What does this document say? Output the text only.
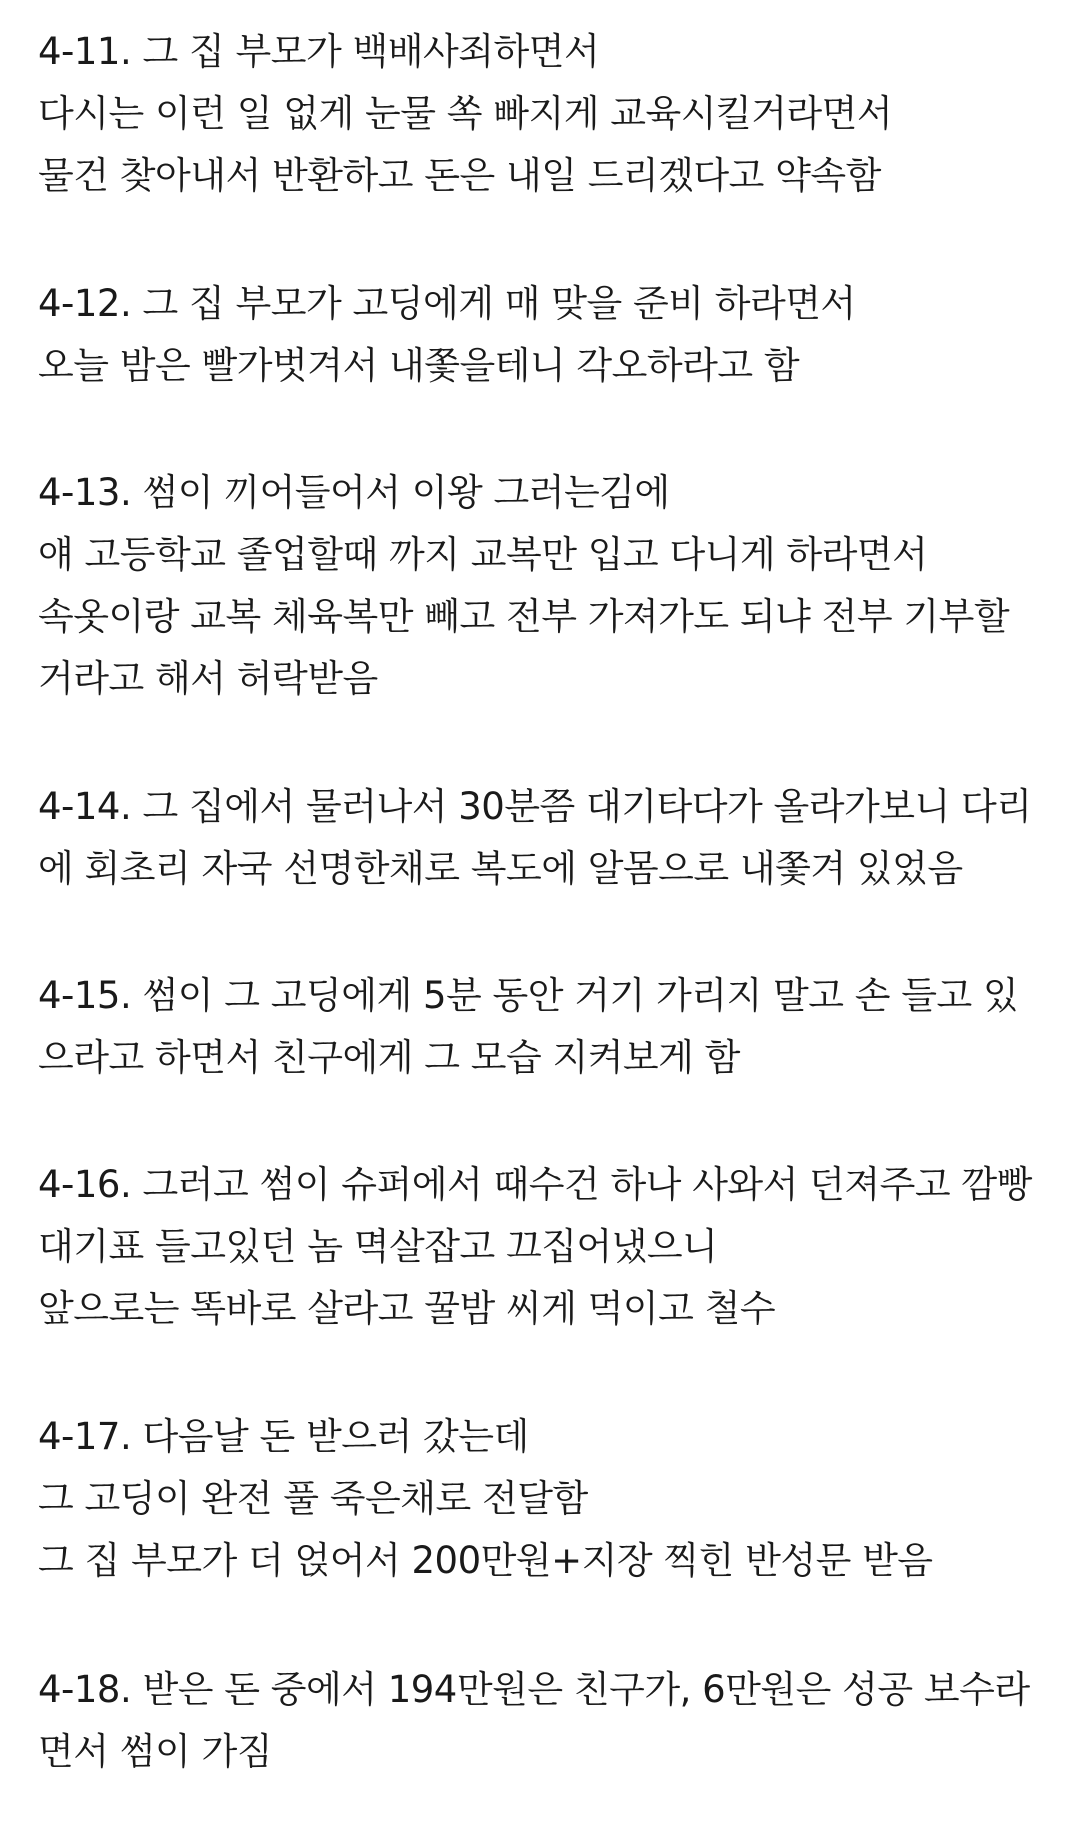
4-11. 그 집 부모가 백배사죄하면서
다시는 이런 일 없게 눈물 쏙 빠지게 교육시킬거라면서
물건 찾아내서 반환하고 돈은 내일 드리겠다고 약속함
4-12. 그 집 부모가 고딩에게 매 맞을 준비 하라면서
오늘 밤은 빨가벗겨서 내쫓을테니 각오하라고 함
4-13. 썸이 끼어들어서 이왕 그러는김에
얘 고등학교 졸업할때 까지 교복만 입고 다니게 하라면서
속옷이랑 교복 체육복만 빼고 전부 가져가도 되냐 전부 기부할
거라고 해서 허락받음
4-14. 그 집에서 물러나서 30분쯤 대기타다가 올라가보니 다리
에 회초리 자국 선명한채로 복도에 알몸으로 내쫓겨 있었음
4-15. 썸이 그 고딩에게 5분 동안 거기 가리지 말고 손 들고 있
으라고 하면서 친구에게 그 모습 지켜보게 함
4-16. 그러고 썸이 슈퍼에서 때수건 하나 사와서 던져주고 깜빵
대기표 들고있던 놈 멱살잡고 끄집어냈으니
앞으로는 똑바로 살라고 꿀밤 씨게 먹이고 철수
4-17. 다음날 돈 받으러 갔는데
그 고딩이 완전 풀 죽은채로 전달함
그 집 부모가 더 얹어서 200만원+지장 찍힌 반성문 받음
4-18. 받은 돈 중에서 194만원은 친구가, 6만원은 성공 보수라
면서 썸이 가짐
